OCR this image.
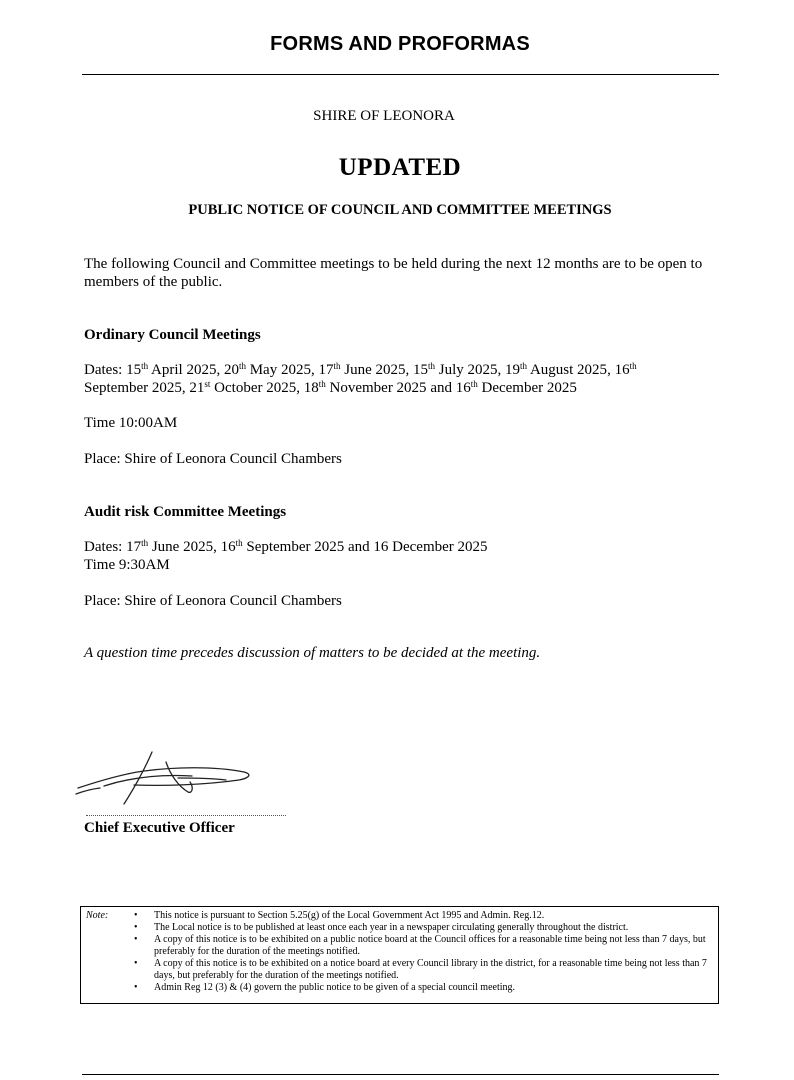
FORMS AND PROFORMAS
SHIRE OF LEONORA
UPDATED
PUBLIC NOTICE OF COUNCIL AND COMMITTEE MEETINGS
The following Council and Committee meetings to be held during the next 12 months are to be open to members of the public.
Ordinary Council Meetings
Dates: 15th April 2025, 20th May 2025, 17th June 2025, 15th July 2025, 19th August 2025, 16th September 2025, 21st October 2025, 18th November 2025 and 16th December 2025
Time 10:00AM
Place: Shire of Leonora Council Chambers
Audit risk Committee Meetings
Dates: 17th June 2025, 16th September 2025 and 16 December 2025
Time 9:30AM
Place: Shire of Leonora Council Chambers
A question time precedes discussion of matters to be decided at the meeting.
Chief Executive Officer
Note:
•	This notice is pursuant to Section 5.25(g) of the Local Government Act 1995 and Admin. Reg.12.
• The Local notice is to be published at least once each year in a newspaper circulating generally throughout the district.
• A copy of this notice is to be exhibited on a public notice board at the Council offices for a reasonable time being not less than 7 days, but preferably for the duration of the meetings notified.
• A copy of this notice is to be exhibited on a notice board at every Council library in the district, for a reasonable time being not less than 7 days, but preferably for the duration of the meetings notified.
• Admin Reg 12 (3) & (4) govern the public notice to be given of a special council meeting.
